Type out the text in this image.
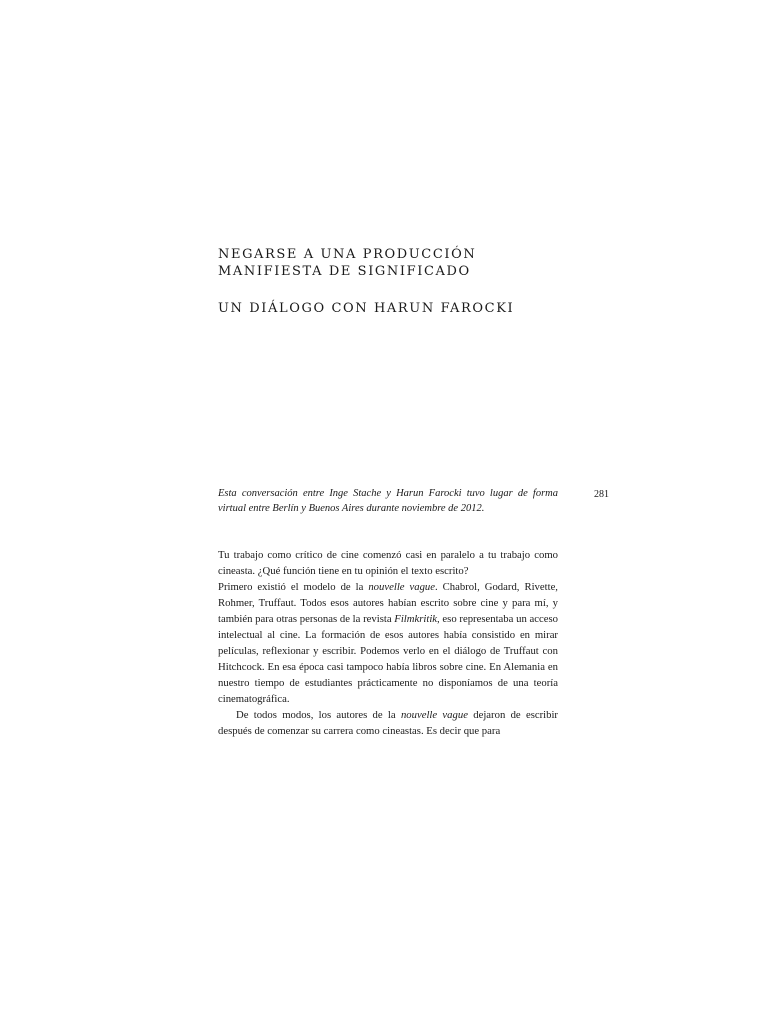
NEGARSE A UNA PRODUCCIÓN
MANIFIESTA DE SIGNIFICADO
UN DIÁLOGO CON HARUN FAROCKI
Esta conversación entre Inge Stache y Harun Farocki tuvo lugar de forma virtual entre Berlín y Buenos Aires durante noviembre de 2012.
281

Tu trabajo como crítico de cine comenzó casi en paralelo a tu trabajo como cineasta. ¿Qué función tiene en tu opinión el texto escrito?

Primero existió el modelo de la nouvelle vague. Chabrol, Godard, Rivette, Rohmer, Truffaut. Todos esos autores habían escrito sobre cine y para mí, y también para otras personas de la revista Filmkritik, eso representaba un acceso intelectual al cine. La formación de esos autores había consistido en mirar películas, reflexionar y escribir. Podemos verlo en el diálogo de Truffaut con Hitchcock. En esa época casi tampoco había libros sobre cine. En Alemania en nuestro tiempo de estudiantes prácticamente no disponíamos de una teoría cinematográfica.

De todos modos, los autores de la nouvelle vague dejaron de escribir después de comenzar su carrera como cineastas. Es decir que para
